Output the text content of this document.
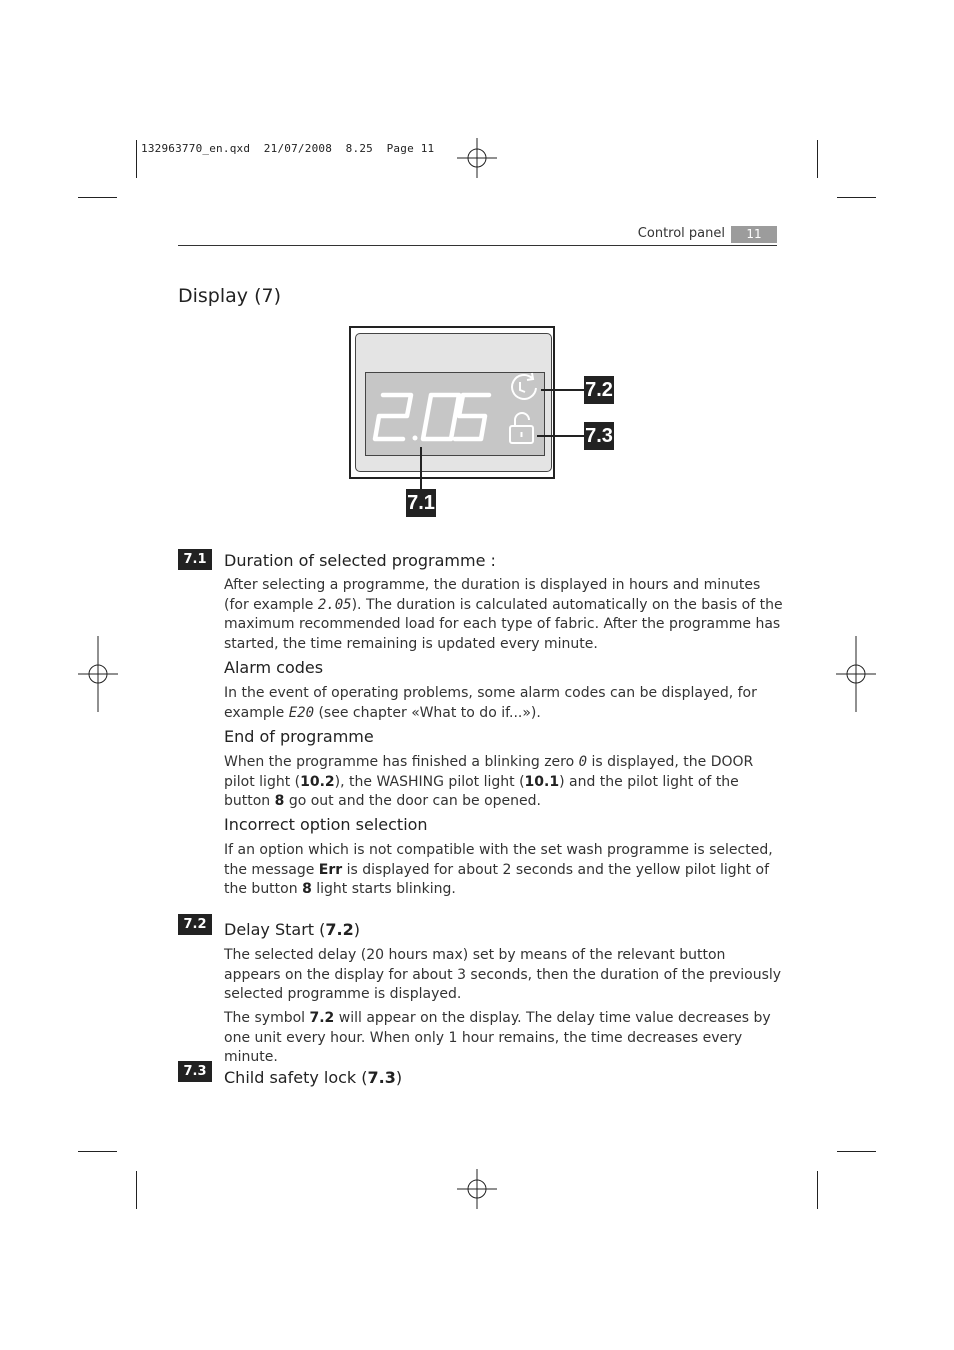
132963770_en.qxd  21/07/2008  8.25  Page 11
Control panel	11
Display (7)
7.2
7.3
7.1
7.1	Duration of selected programme :
After selecting a programme, the duration is displayed in hours and minutes (for example 2.05). The duration is calculated automatically on the basis of the maximum recommended load for each type of fabric. After the programme has started, the time remaining is updated every minute.
Alarm codes
In the event of operating problems, some alarm codes can be displayed, for example E20 (see chapter «What to do if...»).
End of programme
When the programme has finished a blinking zero 0 is displayed, the DOOR pilot light (10.2), the WASHING pilot light (10.1) and the pilot light of the button 8 go out and the door can be opened.
Incorrect option selection
If an option which is not compatible with the set wash programme is selected, the message Err is displayed for about 2 seconds and the yellow pilot light of the button 8 light starts blinking.
7.2	Delay Start (7.2)
The selected delay (20 hours max) set by means of the relevant button appears on the display for about 3 seconds, then the duration of the previously selected programme is displayed.
The symbol 7.2 will appear on the display. The delay time value decreases by one unit every hour. When only 1 hour remains, the time decreases every minute.
7.3	Child safety lock (7.3)
